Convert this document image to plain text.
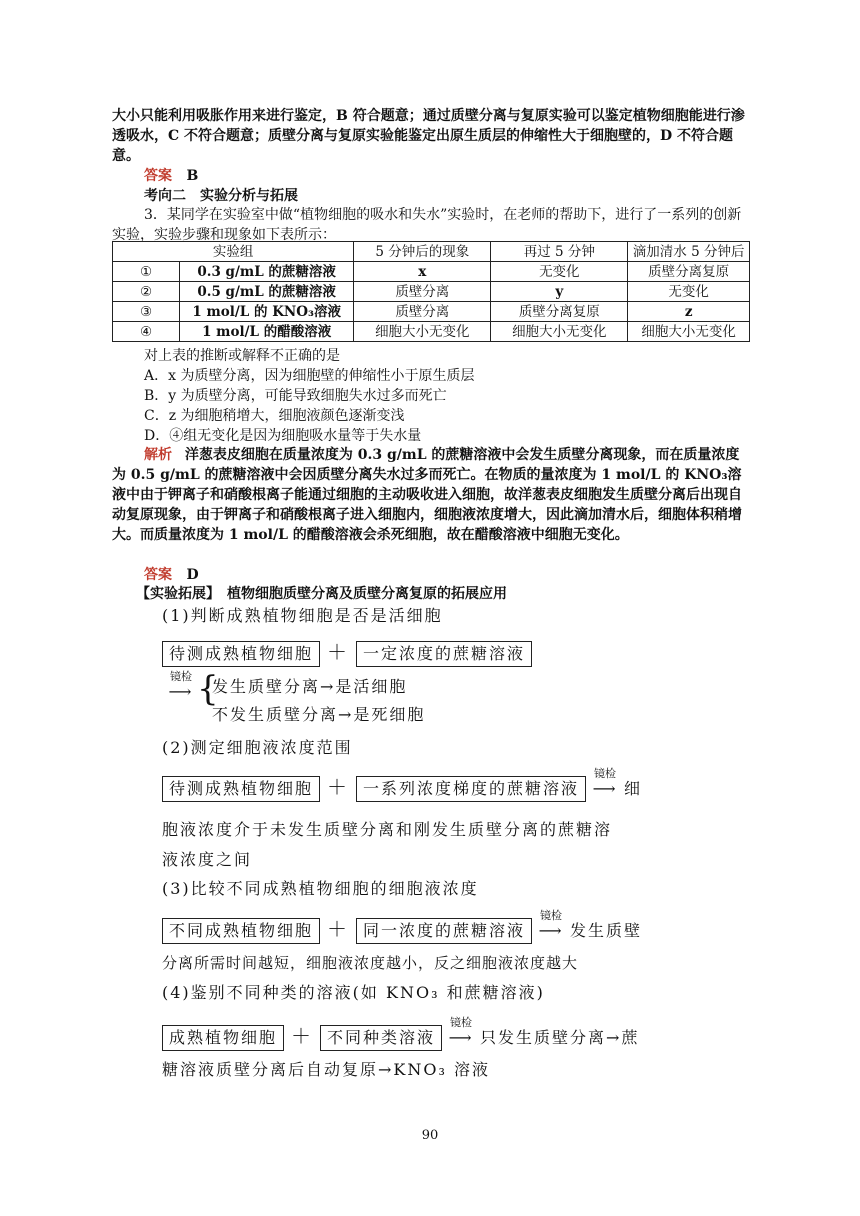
大小只能利用吸胀作用来进行鉴定，B 符合题意；通过质壁分离与复原实验可以鉴定植物细胞能进行渗透吸水，C 不符合题意；质壁分离与复原实验能鉴定出原生质层的伸缩性大于细胞壁的，D 不符合题意。

答案 B

考向二　实验分析与拓展

3．某同学在实验室中做“植物细胞的吸水和失水”实验时，在老师的帮助下，进行了一系列的创新实验，实验步骤和现象如下表所示：

实验组		5 分钟后的现象	再过 5 分钟	滴加清水 5 分钟后
①	0.3 g/mL 的蔗糖溶液	x	无变化	质壁分离复原
②	0.5 g/mL 的蔗糖溶液	质壁分离	y	无变化
③	1 mol/L 的 KNO₃溶液	质壁分离	质壁分离复原	z
④	1 mol/L 的醋酸溶液	细胞大小无变化	细胞大小无变化	细胞大小无变化

对上表的推断或解释不正确的是

A．x 为质壁分离，因为细胞壁的伸缩性小于原生质层

B．y 为质壁分离，可能导致细胞失水过多而死亡

C．z 为细胞稍增大，细胞液颜色逐渐变浅

D．④组无变化是因为细胞吸水量等于失水量

解析 洋葱表皮细胞在质量浓度为 0.3 g/mL 的蔗糖溶液中会发生质壁分离现象，而在质量浓度为 0.5 g/mL 的蔗糖溶液中会因质壁分离失水过多而死亡。在物质的量浓度为 1 mol/L 的 KNO₃溶液中由于钾离子和硝酸根离子能通过细胞的主动吸收进入细胞，故洋葱表皮细胞发生质壁分离后出现自动复原现象，由于钾离子和硝酸根离子进入细胞内，细胞液浓度增大，因此滴加清水后，细胞体积稍增大。而质量浓度为 1 mol/L 的醋酸溶液会杀死细胞，故在醋酸溶液中细胞无变化。

答案 D

【实验拓展】　植物细胞质壁分离及质壁分离复原的拓展应用

(1)判断成熟植物细胞是否是活细胞
待测成熟植物细胞 ＋ 一定浓度的蔗糖溶液
镜检
⟶ {
发生质壁分离→是活细胞
不发生质壁分离→是死细胞
(2)测定细胞液浓度范围
待测成熟植物细胞 ＋ 一系列浓度梯度的蔗糖溶液
镜检
⟶ 细
胞液浓度介于未发生质壁分离和刚发生质壁分离的蔗糖溶
液浓度之间
(3)比较不同成熟植物细胞的细胞液浓度
不同成熟植物细胞 ＋ 同一浓度的蔗糖溶液
镜检
⟶ 发生质壁
分离所需时间越短，细胞液浓度越小，反之细胞液浓度越大
(4)鉴别不同种类的溶液(如 KNO₃ 和蔗糖溶液)
成熟植物细胞 ＋ 不同种类溶液
镜检
⟶ 只发生质壁分离→蔗
糖溶液质壁分离后自动复原→KNO₃ 溶液
90
